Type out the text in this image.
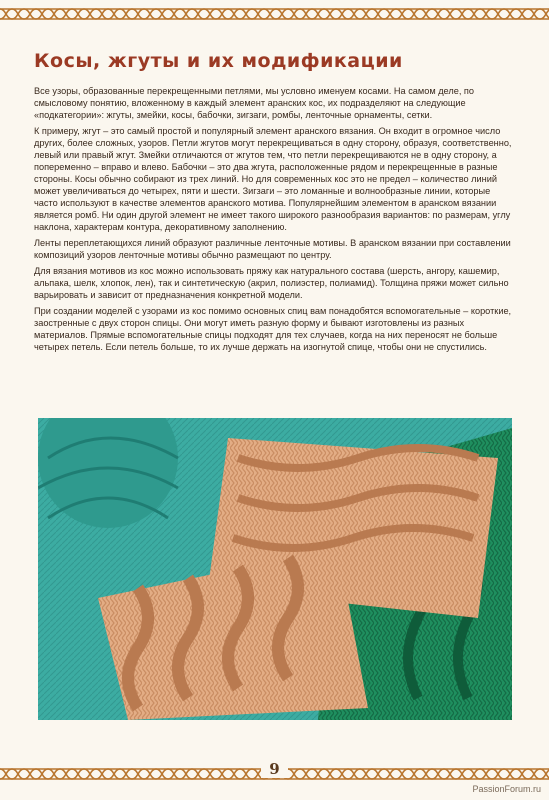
Косы, жгуты и их модификации

Все узоры, образованные перекрещенными петлями, мы условно именуем косами. На самом деле, по смысловому понятию, вложенному в каждый элемент аранских кос, их подразделяют на следующие «подкатегории»: жгуты, змейки, косы, бабочки, зигзаги, ромбы, ленточные орнаменты, сетки.

К примеру, жгут – это самый простой и популярный элемент аранского вязания. Он входит в огромное число других, более сложных, узоров. Петли жгутов могут перекрещиваться в одну сторону, образуя, соответственно, левый или правый жгут. Змейки отличаются от жгутов тем, что петли перекрещиваются не в одну сторону, а попеременно – вправо и влево. Бабочки – это два жгута, расположенные рядом и перекрещенные в разные стороны. Косы обычно собирают из трех линий. Но для современных кос это не предел – количество линий может увеличиваться до четырех, пяти и шести. Зигзаги – это ломанные и волнообразные линии, которые часто используют в качестве элементов аранского мотива. Популярнейшим элементом в аранском вязании является ромб. Ни один другой элемент не имеет такого широкого разнообразия вариантов: по размерам, углу наклона, характерам контура, декоративному заполнению.

Ленты переплетающихся линий образуют различные ленточные мотивы. В аранском вязании при составлении композиций узоров ленточные мотивы обычно размещают по центру.

Для вязания мотивов из кос можно использовать пряжу как натурального состава (шерсть, ангору, кашемир, альпака, шелк, хлопок, лен), так и синтетическую (акрил, полиэстер, полиамид). Толщина пряжи может сильно варьировать и зависит от предназначения конкретной модели.

При создании моделей с узорами из кос помимо основных спиц вам понадобятся вспомогательные – короткие, заостренные с двух сторон спицы. Они могут иметь разную форму и бывают изготовлены из разных материалов. Прямые вспомогательные спицы подходят для тех случаев, когда на них переносят не больше четырех петель. Если петель больше, то их лучше держать на изогнутой спице, чтобы они не спустились.

9
PassionForum.ru
